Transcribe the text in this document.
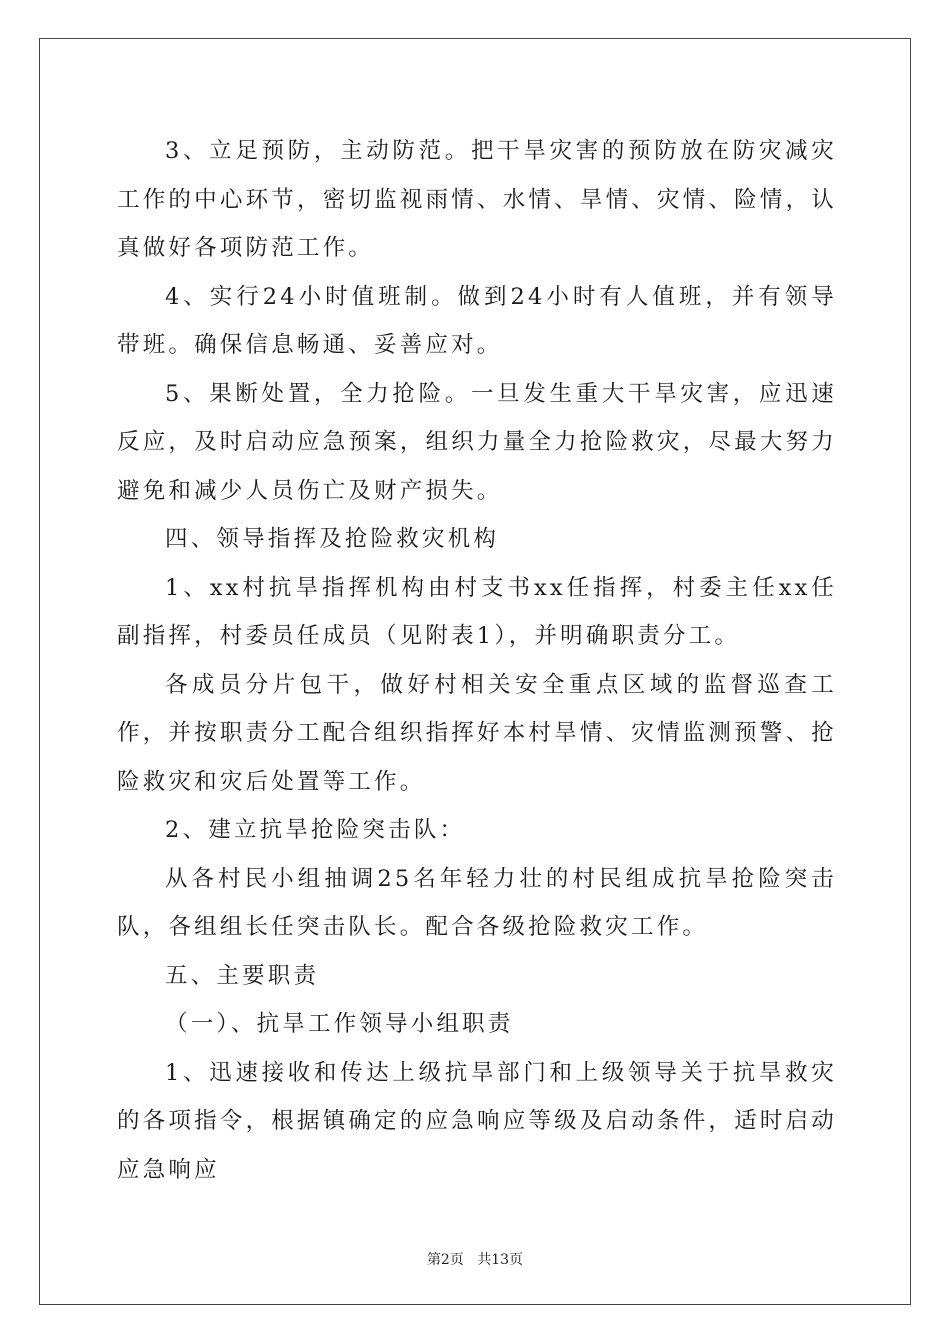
3、立足预防，主动防范。把干旱灾害的预防放在防灾减灾工作的中心环节，密切监视雨情、水情、旱情、灾情、险情，认真做好各项防范工作。

4、实行24小时值班制。做到24小时有人值班，并有领导带班。确保信息畅通、妥善应对。

5、果断处置，全力抢险。一旦发生重大干旱灾害，应迅速反应，及时启动应急预案，组织力量全力抢险救灾，尽最大努力避免和减少人员伤亡及财产损失。

四、领导指挥及抢险救灾机构

1、xx村抗旱指挥机构由村支书xx任指挥，村委主任xx任副指挥，村委员任成员（见附表1），并明确职责分工。

各成员分片包干，做好村相关安全重点区域的监督巡查工作，并按职责分工配合组织指挥好本村旱情、灾情监测预警、抢险救灾和灾后处置等工作。

2、建立抗旱抢险突击队：

从各村民小组抽调25名年轻力壮的村民组成抗旱抢险突击队，各组组长任突击队长。配合各级抢险救灾工作。

五、主要职责

（一）、抗旱工作领导小组职责

1、迅速接收和传达上级抗旱部门和上级领导关于抗旱救灾的各项指令，根据镇确定的应急响应等级及启动条件，适时启动应急响应

第2页 共13页
